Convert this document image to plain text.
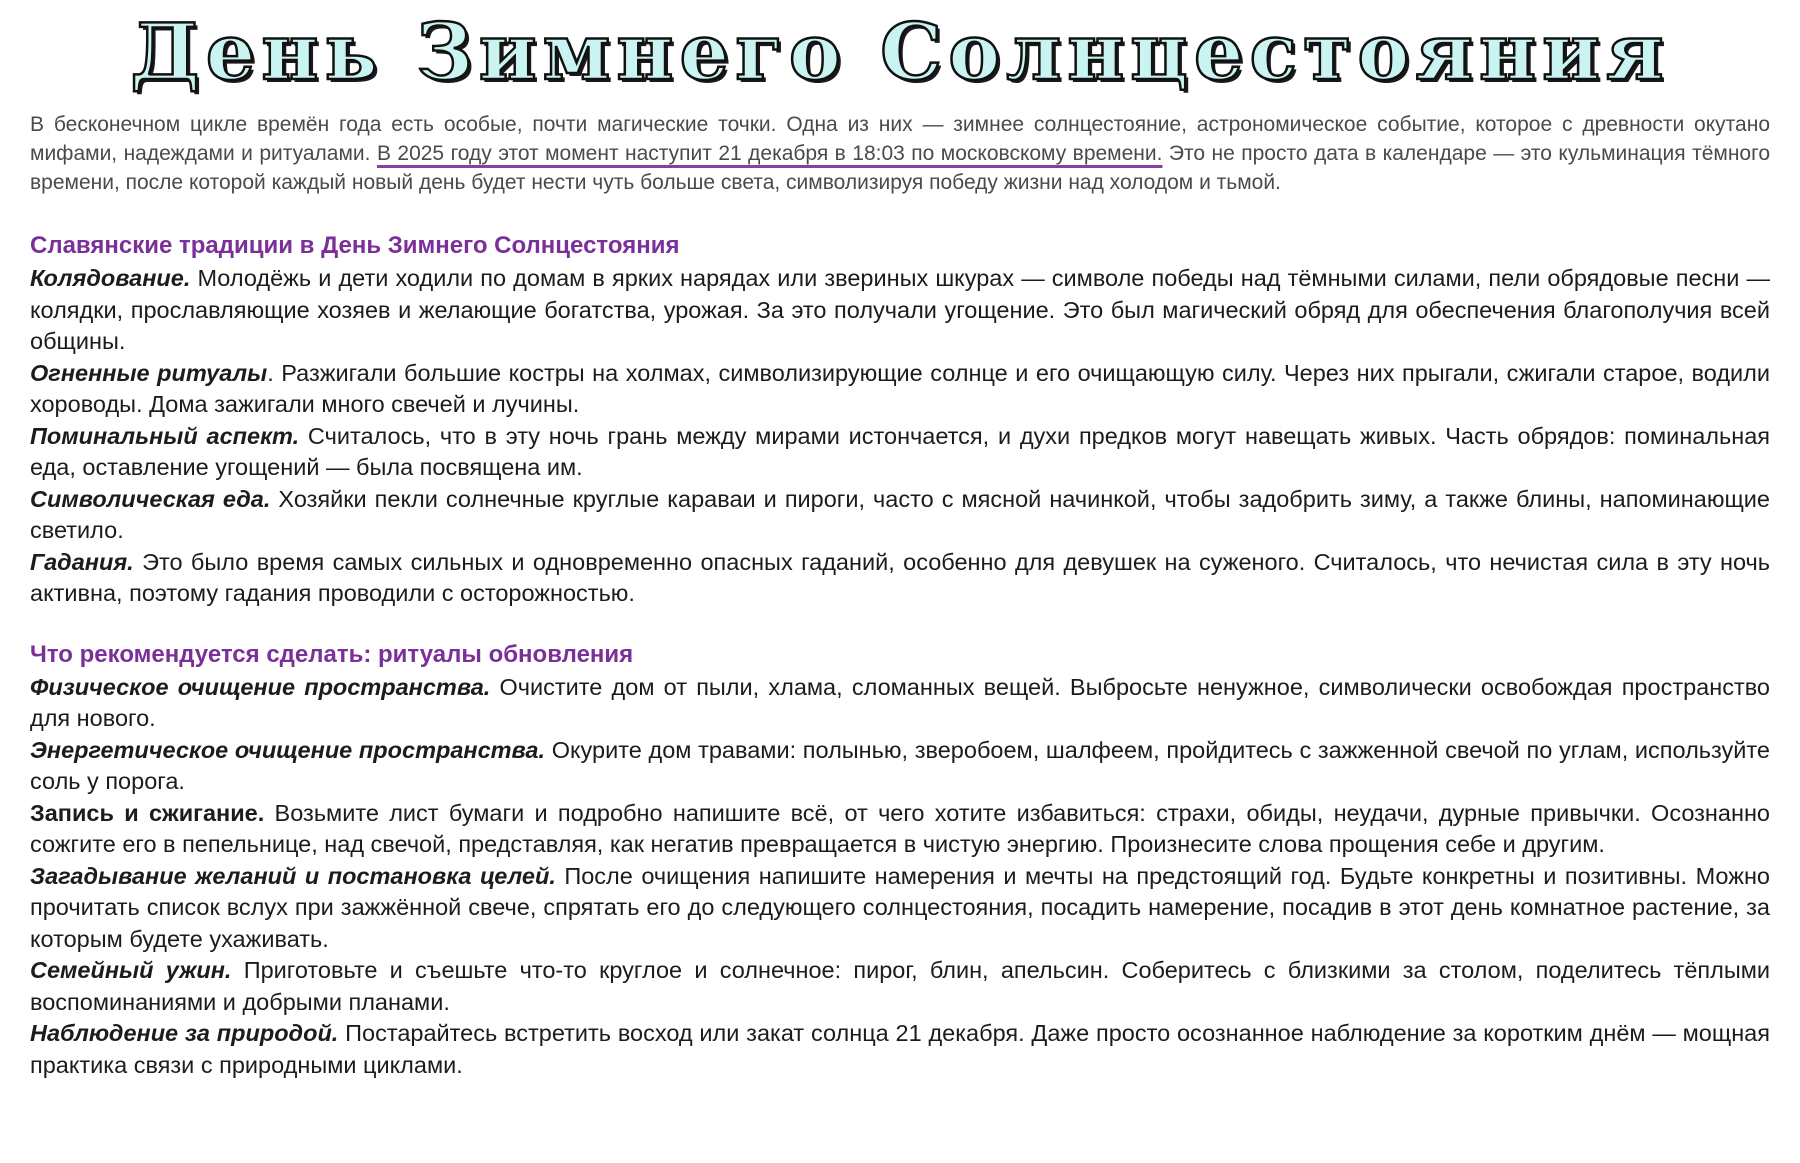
День Зимнего Солнцестояния

В бесконечном цикле времён года есть особые, почти магические точки. Одна из них — зимнее солнцестояние, астрономическое событие, которое с древности окутано мифами, надеждами и ритуалами. В 2025 году этот момент наступит 21 декабря в 18:03 по московскому времени. Это не просто дата в календаре — это кульминация тёмного времени, после которой каждый новый день будет нести чуть больше света, символизируя победу жизни над холодом и тьмой.

Славянские традиции в День Зимнего Солнцестояния

Колядование. Молодёжь и дети ходили по домам в ярких нарядах или звериных шкурах — символе победы над тёмными силами, пели обрядовые песни — колядки, прославляющие хозяев и желающие богатства, урожая. За это получали угощение. Это был магический обряд для обеспечения благополучия всей общины.

Огненные ритуалы. Разжигали большие костры на холмах, символизирующие солнце и его очищающую силу. Через них прыгали, сжигали старое, водили хороводы. Дома зажигали много свечей и лучины.

Поминальный аспект. Считалось, что в эту ночь грань между мирами истончается, и духи предков могут навещать живых. Часть обрядов: поминальная еда, оставление угощений — была посвящена им.

Символическая еда. Хозяйки пекли солнечные круглые караваи и пироги, часто с мясной начинкой, чтобы задобрить зиму, а также блины, напоминающие светило.

Гадания. Это было время самых сильных и одновременно опасных гаданий, особенно для девушек на суженого. Считалось, что нечистая сила в эту ночь активна, поэтому гадания проводили с осторожностью.

Что рекомендуется сделать: ритуалы обновления

Физическое очищение пространства. Очистите дом от пыли, хлама, сломанных вещей. Выбросьте ненужное, символически освобождая пространство для нового.

Энергетическое очищение пространства. Окурите дом травами: полынью, зверобоем, шалфеем, пройдитесь с зажженной свечой по углам, используйте соль у порога.

Запись и сжигание. Возьмите лист бумаги и подробно напишите всё, от чего хотите избавиться: страхи, обиды, неудачи, дурные привычки. Осознанно сожгите его в пепельнице, над свечой, представляя, как негатив превращается в чистую энергию. Произнесите слова прощения себе и другим.

Загадывание желаний и постановка целей. После очищения напишите намерения и мечты на предстоящий год. Будьте конкретны и позитивны. Можно прочитать список вслух при зажжённой свече, спрятать его до следующего солнцестояния, посадить намерение, посадив в этот день комнатное растение, за которым будете ухаживать.

Семейный ужин. Приготовьте и съешьте что-то круглое и солнечное: пирог, блин, апельсин. Соберитесь с близкими за столом, поделитесь тёплыми воспоминаниями и добрыми планами.

Наблюдение за природой. Постарайтесь встретить восход или закат солнца 21 декабря. Даже просто осознанное наблюдение за коротким днём — мощная практика связи с природными циклами.
